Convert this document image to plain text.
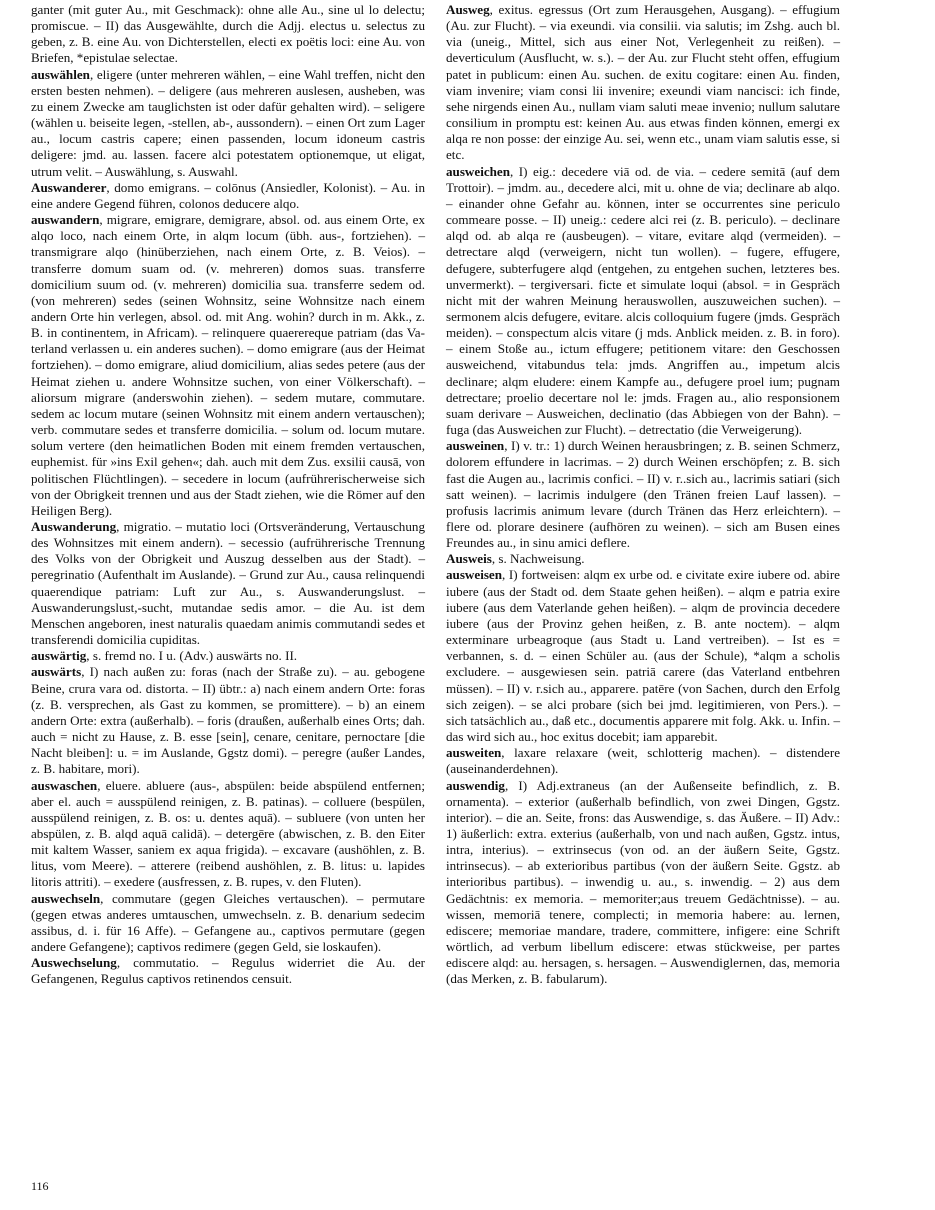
ganter (mit guter Au., mit Geschmack): ohne alle Au., sine ul lo delectu; promiscue. – II) das Ausgewählte, durch die Adjj. electus u. selectus zu geben, z. B. eine Au. von Dichterstellen, electi ex poëtis loci: eine Au. von Briefen, *epistulae selectae.

auswählen, eligere (unter mehreren wählen, – eine Wahl treffen, nicht den ersten besten nehmen). – deligere (aus mehreren auslesen, ausheben, was zu einem Zwecke am tauglichsten ist oder dafür gehalten wird). – seligere (wählen u. beiseite legen, -stellen, ab-, aussondern). – einen Ort zum Lager au., locum castris capere; einen passenden, locum idoneum castris deligere: jmd. au. lassen. facere alci potestatem optionemque, ut eligat, utrum velit. – Auswählung, s. Auswahl.

Auswanderer, domo emigrans. – colōnus (Ansiedler, Kolonist). – Au. in eine andere Gegend führen, colonos deducere alqo.

auswandern, migrare, emigrare, demigrare, absol. od. aus einem Orte, ex alqo loco, nach einem Orte, in alqm locum (übh. aus-, fortziehen). – transmigrare alqo (hinüberziehen, nach einem Orte, z. B. Veios). – transferre domum suam od. (v. mehreren) domos suas. transferre domicilium suum od. (v. mehreren) domicilia sua. transferre sedem od. (von mehreren) sedes (seinen Wohnsitz, seine Wohnsitze nach einem andern Orte hin verlegen, absol. od. mit Ang. wohin? durch in m. Akk., z. B. in continentem, in Africam). – relinquere quaerereque patriam (das Vaterland verlassen u. ein anderes suchen). – domo emigrare (aus der Heimat fortziehen). – domo emigrare, aliud domicilium, alias sedes petere (aus der Heimat ziehen u. andere Wohnsitze suchen, von einer Völkerschaft). – aliorsum migrare (anderswohin ziehen). – sedem mutare, commutare. sedem ac locum mutare (seinen Wohnsitz mit einem andern vertauschen); verb. commutare sedes et transferre domicilia. – solum od. locum mutare. solum vertere (den heimatlichen Boden mit einem fremden vertauschen, euphemist. für »ins Exil gehen«; dah. auch mit dem Zus. exsilii causā, von politischen Flüchtlingen). – secedere in locum (aufrührerischerweise sich von der Obrigkeit trennen und aus der Stadt ziehen, wie die Römer auf den Heiligen Berg).

Auswanderung, migratio. – mutatio loci (Ortsveränderung, Vertauschung des Wohnsitzes mit einem andern). – secessio (aufrührerische Trennung des Volks von der Obrigkeit und Auszug desselben aus der Stadt). – peregrinatio (Aufenthalt im Auslande). – Grund zur Au., causa relinquendi quaerendique patriam: Luft zur Au., s. Auswanderungslust. – Auswanderungslust,-sucht, mutandae sedis amor. – die Au. ist dem Menschen angeboren, inest naturalis quaedam animis commutandi sedes et transferendi domicilia cupiditas.

auswärtig, s. fremd no. I u. (Adv.) auswärts no. II.

auswärts, I) nach außen zu: foras (nach der Straße zu). – au. gebogene Beine, crura vara od. distorta. – II) übtr.: a) nach einem andern Orte: foras (z. B. versprechen, als Gast zu kommen, se promittere). – b) an einem andern Orte: extra (außerhalb). – foris (draußen, außerhalb eines Orts; dah. auch = nicht zu Hause, z. B. esse [sein], cenare, cenitare, pernoctare [die Nacht bleiben]: u. = im Auslande, Ggstz domi). – peregre (außer Landes, z. B. habitare, mori).

auswaschen, eluere. abluere (aus-, abspülen: beide abspülend entfernen; aber el. auch = ausspülend reinigen, z. B. patinas). – colluere (bespülen, ausspülend reinigen, z. B. os: u. dentes aquā). – subluere (von unten her abspülen, z. B. alqd aquā calidā). – detergēre (abwischen, z. B. den Eiter mit kaltem Wasser, saniem ex aqua frigida). – excavare (aushöhlen, z. B. litus, vom Meere). – atterere (reibend aushöhlen, z. B. litus: u. lapides litoris attriti). – exedere (ausfressen, z. B. rupes, v. den Fluten).

auswechseln, commutare (gegen Gleiches vertauschen). – permutare (gegen etwas anderes umtauschen, umwechseln. z. B. denarium sedecim assibus, d. i. für 16 Affe). – Gefangene au., captivos permutare (gegen andere Gefangene); captivos redimere (gegen Geld, sie loskaufen).

Auswechselung, commutatio. – Regulus widerriet die Au. der Gefangenen, Regulus captivos retinendos censuit.

Ausweg, exitus. egressus (Ort zum Herausgehen, Ausgang). – effugium (Au. zur Flucht). – via exeundi. via consilii. via salutis; im Zshg. auch bl. via (uneig., Mittel, sich aus einer Not, Verlegenheit zu reißen). – deverticulum (Ausflucht, w. s.). – der Au. zur Flucht steht offen, effugium patet in publicum: einen Au. suchen. de exitu cogitare: einen Au. finden, viam invenire; viam consi lii invenire; exeundi viam nancisci: ich finde, sehe nirgends einen Au., nullam viam saluti meae invenio; nullum salutare consilium in promptu est: keinen Au. aus etwas finden können, emergi ex alqa re non posse: der einzige Au. sei, wenn etc., unam viam salutis esse, si etc.

ausweichen, I) eig.: decedere viā od. de via. – cedere semitā (auf dem Trottoir). – jmdm. au., decedere alci, mit u. ohne de via; declinare ab alqo. – einander ohne Gefahr au. können, inter se occurrentes sine periculo commeare posse. – II) uneig.: cedere alci rei (z. B. periculo). – declinare alqd od. ab alqa re (ausbeugen). – vitare, evitare alqd (vermeiden). – detrectare alqd (verweigern, nicht tun wollen). – fugere, effugere, defugere, subterfugere alqd (entgehen, zu entgehen suchen, letzteres bes. unvermerkt). – tergiversari. ficte et simulate loqui (absol. = in Gespräch nicht mit der wahren Meinung herauswollen, auszuweichen suchen). – sermonem alcis defugere, evitare. alcis colloquium fugere (jmds. Gespräch meiden). – conspectum alcis vitare (j mds. Anblick meiden. z. B. in foro). – einem Stoße au., ictum effugere; petitionem vitare: den Geschossen ausweichend, vitabundus tela: jmds. Angriffen au., impetum alcis declinare; alqm eludere: einem Kampfe au., defugere proel ium; pugnam detrectare; proelio decertare nol le: jmds. Fragen au., alio responsionem suam derivare – Ausweichen, declinatio (das Abbiegen von der Bahn). – fuga (das Ausweichen zur Flucht). – detrectatio (die Verweigerung).

ausweinen, I) v. tr.: 1) durch Weinen herausbringen; z. B. seinen Schmerz, dolorem effundere in lacrimas. – 2) durch Weinen erschöpfen; z. B. sich fast die Augen au., lacrimis confici. – II) v. r..sich au., lacrimis satiari (sich satt weinen). – lacrimis indulgere (den Tränen freien Lauf lassen). – profusis lacrimis animum levare (durch Tränen das Herz erleichtern). – flere od. plorare desinere (aufhören zu weinen). – sich am Busen eines Freundes au., in sinu amici deflere.

Ausweis, s. Nachweisung.

ausweisen, I) fortweisen: alqm ex urbe od. e civitate exire iubere od. abire iubere (aus der Stadt od. dem Staate gehen heißen). – alqm e patria exire iubere (aus dem Vaterlande gehen heißen). – alqm de provincia decedere iubere (aus der Provinz gehen heißen, z. B. ante noctem). – alqm exterminare urbeagroque (aus Stadt u. Land vertreiben). – Ist es = verbannen, s. d. – einen Schüler au. (aus der Schule), *alqm a scholis excludere. – ausgewiesen sein. patriā carere (das Vaterland entbehren müssen). – II) v. r.sich au., apparere. patēre (von Sachen, durch den Erfolg sich zeigen). – se alci probare (sich bei jmd. legitimieren, von Pers.). – sich tatsächlich au., daß etc., documentis apparere mit folg. Akk. u. Infin. – das wird sich au., hoc exitus docebit; iam apparebit.

ausweiten, laxare relaxare (weit, schlotterig machen). – distendere (auseinanderdehnen).

auswendig, I) Adj.extraneus (an der Außenseite befindlich, z. B. ornamenta). – exterior (außerhalb befindlich, von zwei Dingen, Ggstz. interior). – die an. Seite, frons: das Auswendige, s. das Äußere. – II) Adv.: 1) äußerlich: extra. exterius (außerhalb, von und nach außen, Ggstz. intus, intra, interius). – extrinsecus (von od. an der äußern Seite, Ggstz. intrinsecus). – ab exterioribus partibus (von der äußern Seite. Ggstz. ab interioribus partibus). – inwendig u. au., s. inwendig. – 2) aus dem Gedächtnis: ex memoria. – memoriter;aus treuem Gedächtnisse). – au. wissen, memoriā tenere, complecti; in memoria habere: au. lernen, ediscere; memoriae mandare, tradere, committere, infigere: eine Schrift wörtlich, ad verbum libellum ediscere: etwas stückweise, per partes ediscere alqd: au. hersagen, s. hersagen. – Auswendiglernen, das, memoria (das Merken, z. B. fabularum).

116
